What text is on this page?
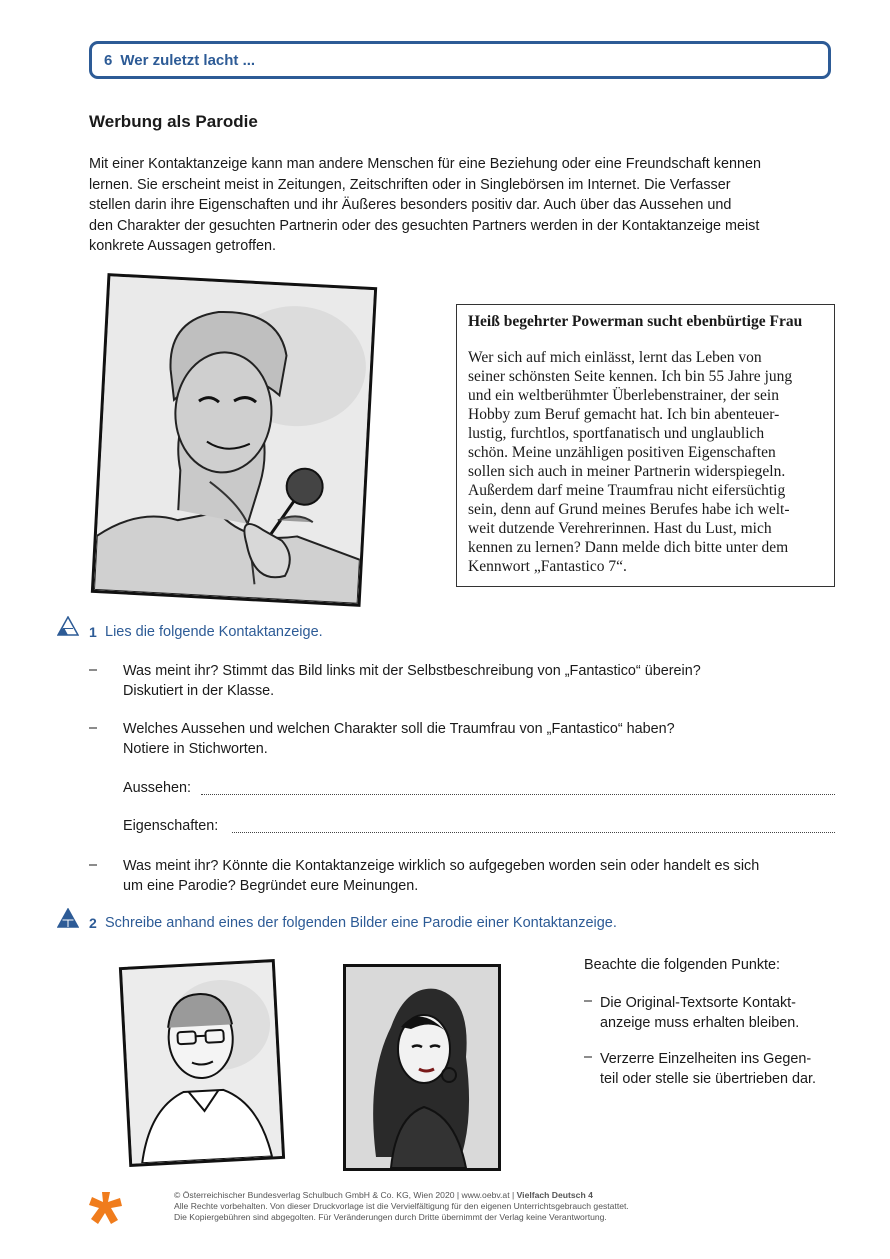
6 Wer zuletzt lacht ...
Werbung als Parodie
Mit einer Kontaktanzeige kann man andere Menschen für eine Beziehung oder eine Freundschaft kennen
lernen. Sie erscheint meist in Zeitungen, Zeitschriften oder in Singlebörsen im Internet. Die Verfasser
stellen darin ihre Eigenschaften und ihr Äußeres besonders positiv dar. Auch über das Aussehen und
den Charakter der gesuchten Partnerin oder des gesuchten Partners werden in der Kontaktanzeige meist
konkrete Aussagen getroffen.
Heiß begehrter Powerman sucht ebenbürtige Frau
Wer sich auf mich einlässt, lernt das Leben von
seiner schönsten Seite kennen. Ich bin 55 Jahre jung
und ein weltberühmter Überlebenstrainer, der sein
Hobby zum Beruf gemacht hat. Ich bin abenteuer-
lustig, furchtlos, sportfanatisch und unglaublich
schön. Meine unzähligen positiven Eigenschaften
sollen sich auch in meiner Partnerin widerspiegeln.
Außerdem darf meine Traumfrau nicht eifersüchtig
sein, denn auf Grund meines Berufes habe ich welt-
weit dutzende Verehrerinnen. Hast du Lust, mich
kennen zu lernen? Dann melde dich bitte unter dem
Kennwort „Fantastico 7“.
1 Lies die folgende Kontaktanzeige.
– Was meint ihr? Stimmt das Bild links mit der Selbstbeschreibung von „Fantastico“ überein?
Diskutiert in der Klasse.
– Welches Aussehen und welchen Charakter soll die Traumfrau von „Fantastico“ haben?
Notiere in Stichworten.
Aussehen:
Eigenschaften:
– Was meint ihr? Könnte die Kontaktanzeige wirklich so aufgegeben worden sein oder handelt es sich
um eine Parodie? Begründet eure Meinungen.
2 Schreibe anhand eines der folgenden Bilder eine Parodie einer Kontaktanzeige.
Beachte die folgenden Punkte:
– Die Original-Textsorte Kontakt-
anzeige muss erhalten bleiben.
– Verzerre Einzelheiten ins Gegen-
teil oder stelle sie übertrieben dar.
© Österreichischer Bundesverlag Schulbuch GmbH & Co. KG, Wien 2020 | www.oebv.at | Vielfach Deutsch 4
Alle Rechte vorbehalten. Von dieser Druckvorlage ist die Vervielfältigung für den eigenen Unterrichtsgebrauch gestattet.
Die Kopiergebühren sind abgegolten. Für Veränderungen durch Dritte übernimmt der Verlag keine Verantwortung.
